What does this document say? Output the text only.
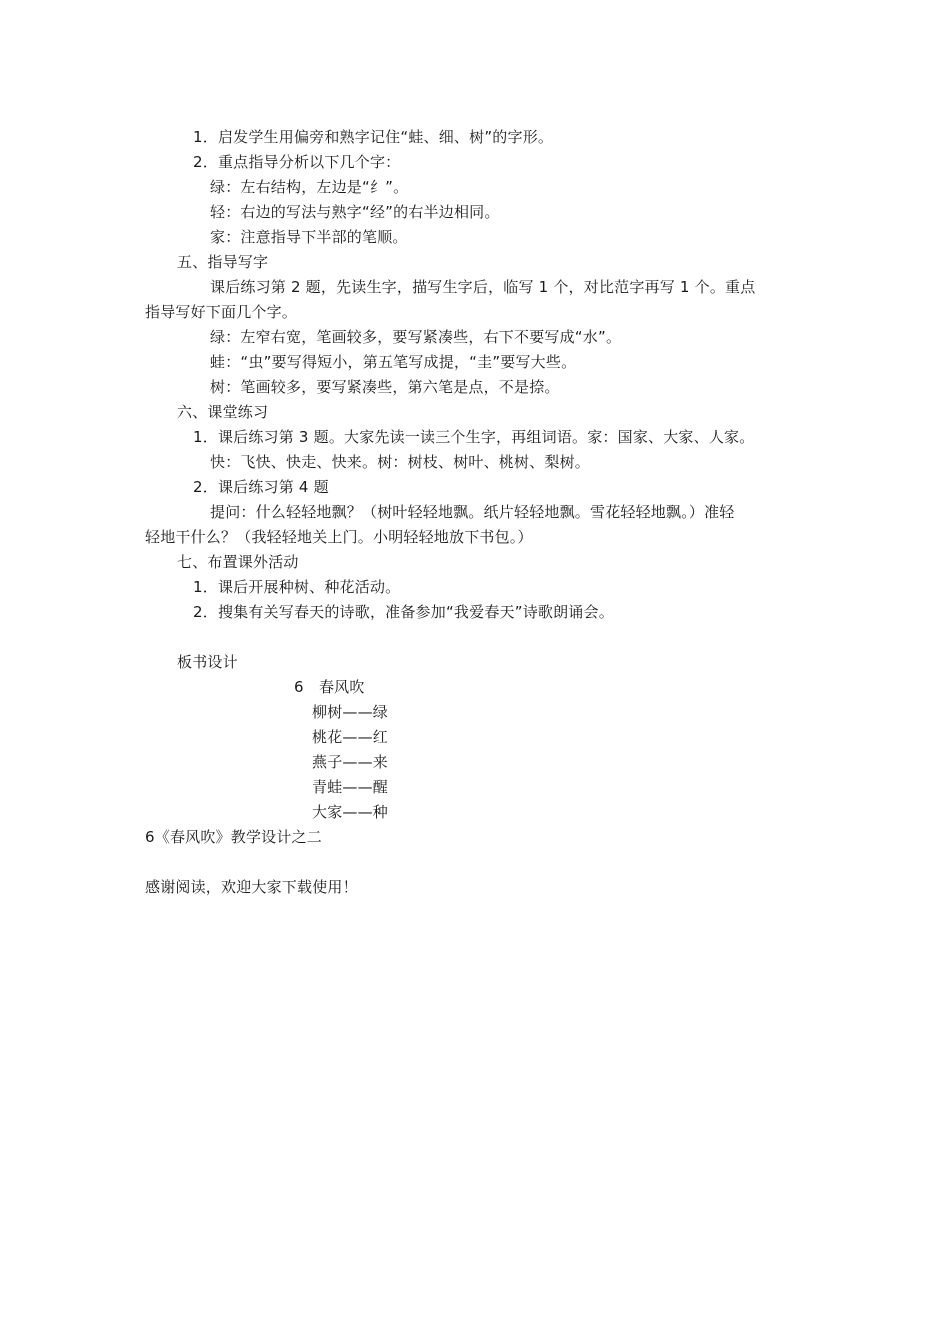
1．启发学生用偏旁和熟字记住“蛙、细、树”的字形。
2．重点指导分析以下几个字：
绿：左右结构，左边是“纟”。
轻：右边的写法与熟字“经”的右半边相同。
家：注意指导下半部的笔顺。
五、指导写字
课后练习第 2 题，先读生字，描写生字后，临写 1 个，对比范字再写 1 个。重点
指导写好下面几个字。
绿：左窄右宽，笔画较多，要写紧凑些，右下不要写成“水”。
蛙：“虫”要写得短小，第五笔写成提，“圭”要写大些。
树：笔画较多，要写紧凑些，第六笔是点，不是捺。
六、课堂练习
1．课后练习第 3 题。大家先读一读三个生字，再组词语。家：国家、大家、人家。
快：飞快、快走、快来。树：树枝、树叶、桃树、梨树。
2．课后练习第 4 题
提问：什么轻轻地飘？（树叶轻轻地飘。纸片轻轻地飘。雪花轻轻地飘。）准轻
轻地干什么？（我轻轻地关上门。小明轻轻地放下书包。）
七、布置课外活动
1．课后开展种树、种花活动。
2．搜集有关写春天的诗歌，准备参加“我爱春天”诗歌朗诵会。
板书设计
6　春风吹
柳树——绿
桃花——红
燕子——来
青蛙——醒
大家——种
6《春风吹》教学设计之二
感谢阅读，欢迎大家下载使用！
